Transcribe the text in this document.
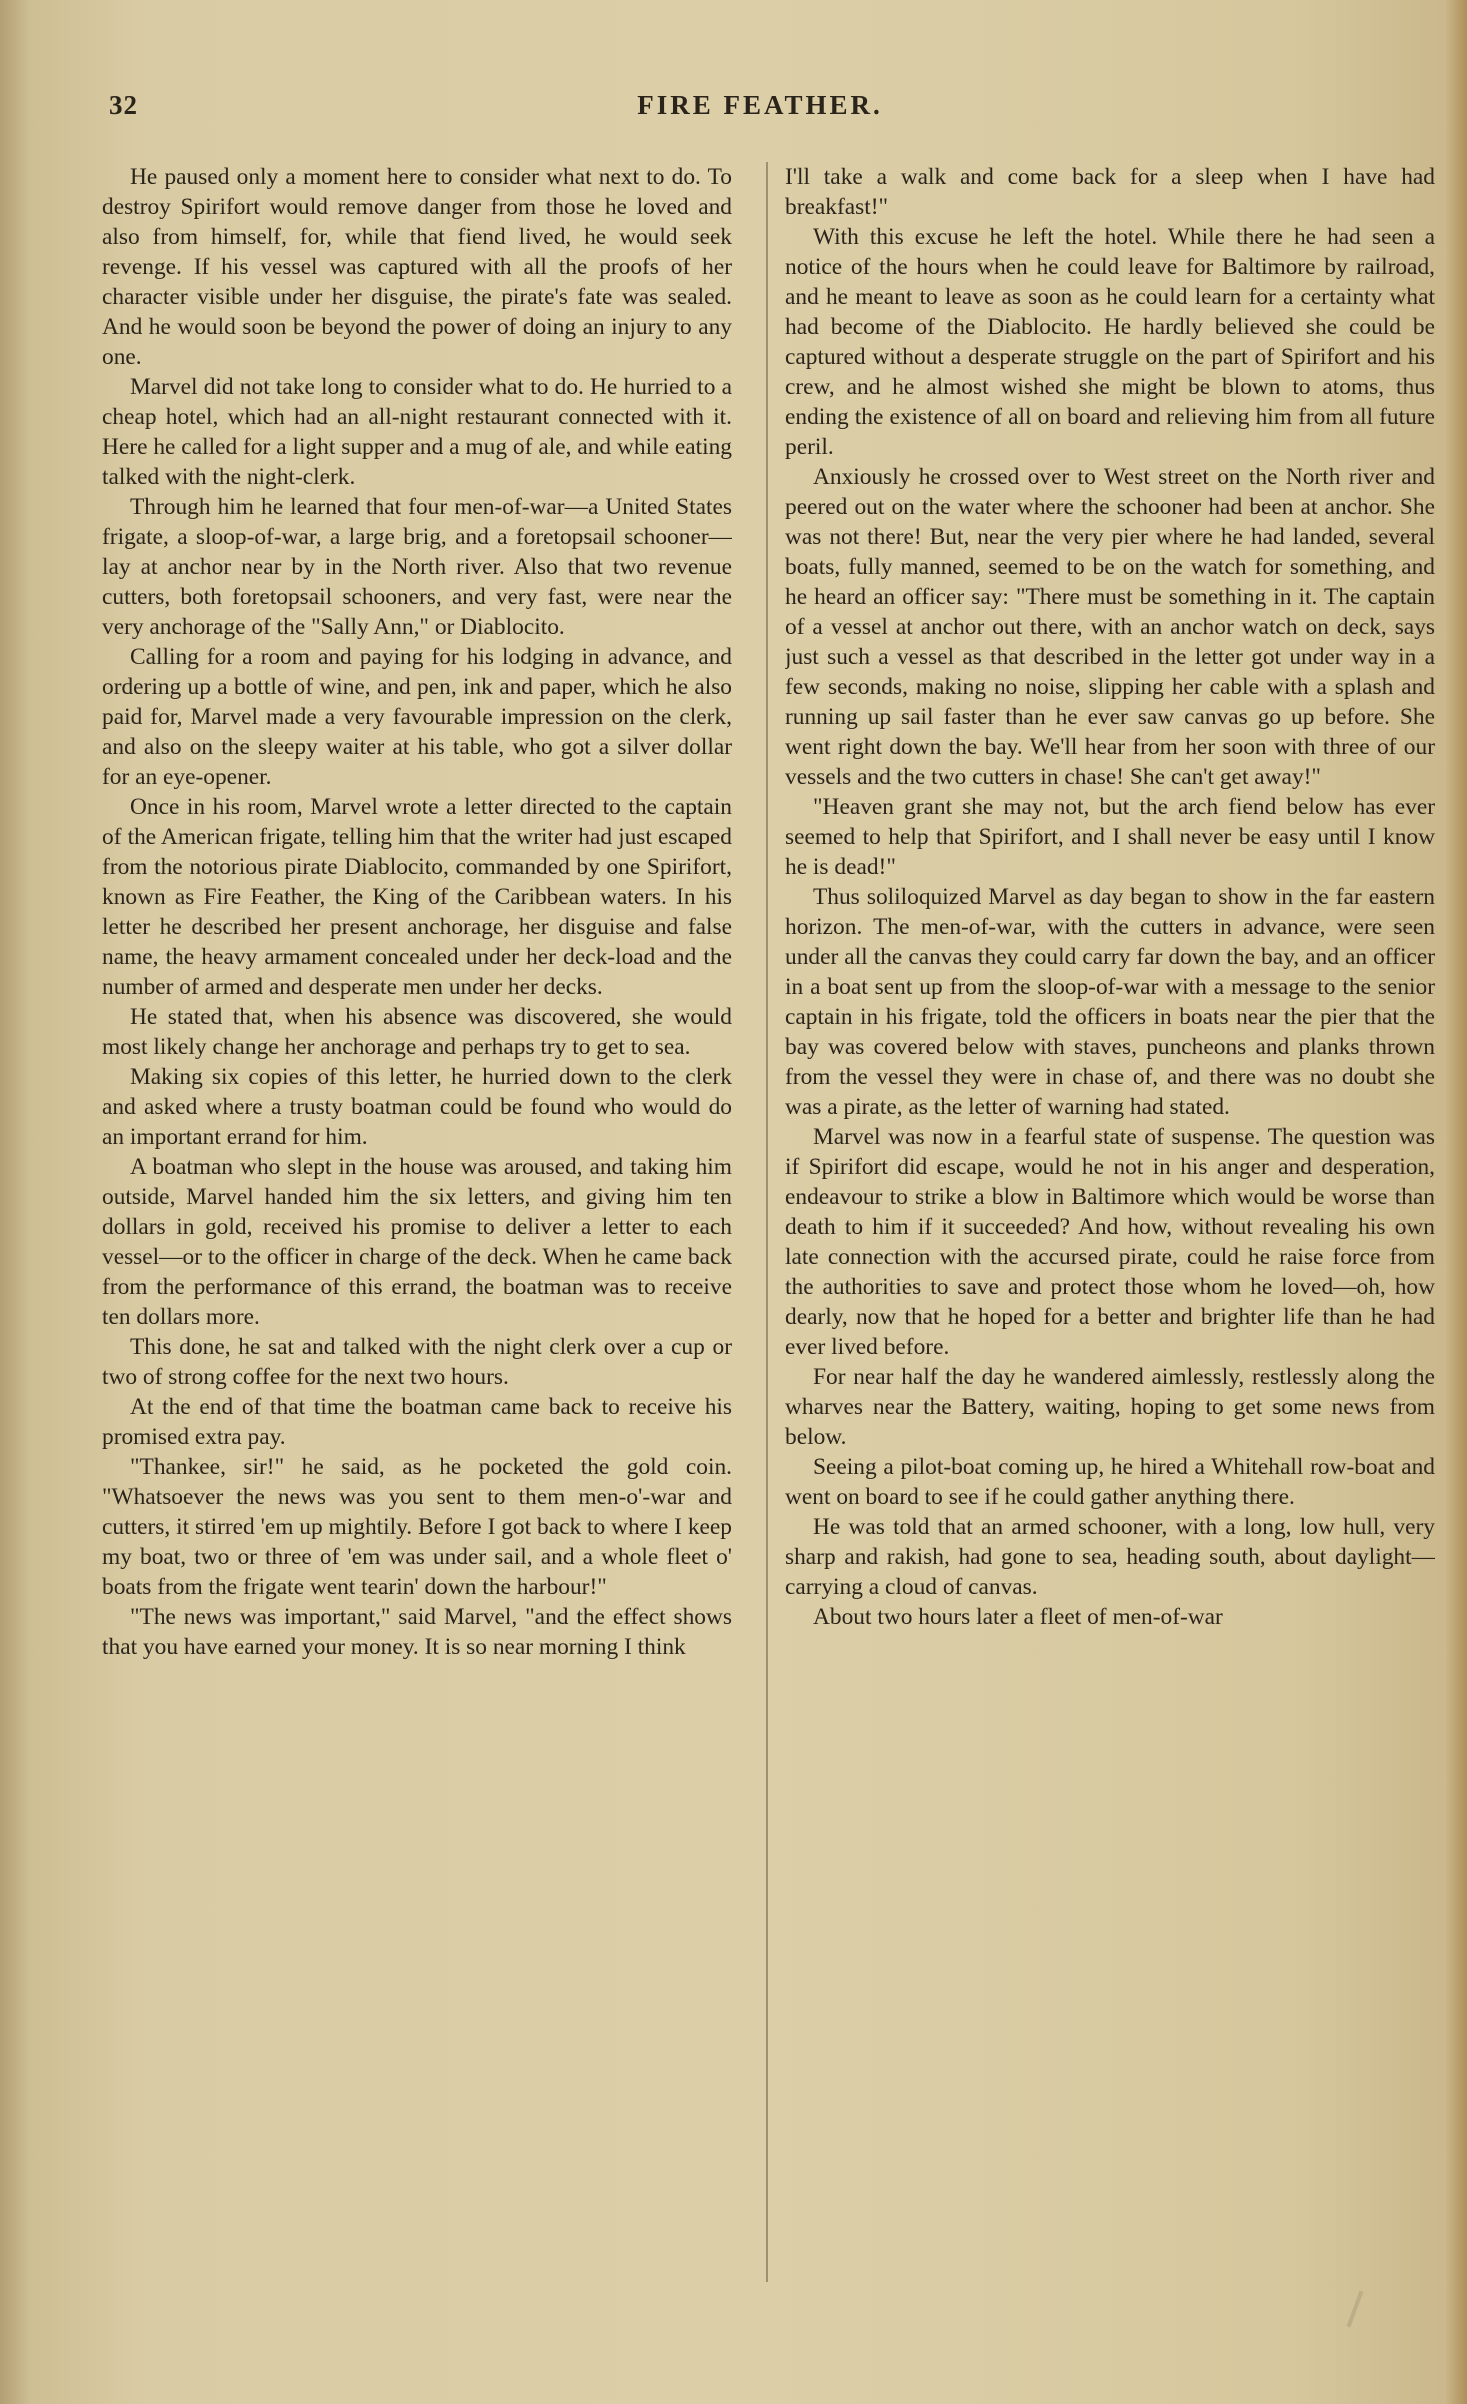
32	FIRE FEATHER.

He paused only a moment here to consider what next to do. To destroy Spirifort would remove danger from those he loved and also from himself, for, while that fiend lived, he would seek revenge. If his vessel was captured with all the proofs of her character visible under her disguise, the pirate's fate was sealed. And he would soon be beyond the power of doing an injury to any one.

Marvel did not take long to consider what to do. He hurried to a cheap hotel, which had an all-night restaurant connected with it. Here he called for a light supper and a mug of ale, and while eating talked with the night-clerk.

Through him he learned that four men-of-war—a United States frigate, a sloop-of-war, a large brig, and a foretopsail schooner—lay at anchor near by in the North river. Also that two revenue cutters, both foretopsail schooners, and very fast, were near the very anchorage of the "Sally Ann," or Diablocito.

Calling for a room and paying for his lodging in advance, and ordering up a bottle of wine, and pen, ink and paper, which he also paid for, Marvel made a very favourable impression on the clerk, and also on the sleepy waiter at his table, who got a silver dollar for an eye-opener.

Once in his room, Marvel wrote a letter directed to the captain of the American frigate, telling him that the writer had just escaped from the notorious pirate Diablocito, commanded by one Spirifort, known as Fire Feather, the King of the Caribbean waters. In his letter he described her present anchorage, her disguise and false name, the heavy armament concealed under her deck-load and the number of armed and desperate men under her decks.

He stated that, when his absence was discovered, she would most likely change her anchorage and perhaps try to get to sea.

Making six copies of this letter, he hurried down to the clerk and asked where a trusty boatman could be found who would do an important errand for him.

A boatman who slept in the house was aroused, and taking him outside, Marvel handed him the six letters, and giving him ten dollars in gold, received his promise to deliver a letter to each vessel—or to the officer in charge of the deck. When he came back from the performance of this errand, the boatman was to receive ten dollars more.

This done, he sat and talked with the night clerk over a cup or two of strong coffee for the next two hours.

At the end of that time the boatman came back to receive his promised extra pay.

"Thankee, sir!" he said, as he pocketed the gold coin. "Whatsoever the news was you sent to them men-o'-war and cutters, it stirred 'em up mightily. Before I got back to where I keep my boat, two or three of 'em was under sail, and a whole fleet o' boats from the frigate went tearin' down the harbour!"

"The news was important," said Marvel, "and the effect shows that you have earned your money. It is so near morning I think

I'll take a walk and come back for a sleep when I have had breakfast!"

With this excuse he left the hotel. While there he had seen a notice of the hours when he could leave for Baltimore by railroad, and he meant to leave as soon as he could learn for a certainty what had become of the Diablocito. He hardly believed she could be captured without a desperate struggle on the part of Spirifort and his crew, and he almost wished she might be blown to atoms, thus ending the existence of all on board and relieving him from all future peril.

Anxiously he crossed over to West street on the North river and peered out on the water where the schooner had been at anchor. She was not there! But, near the very pier where he had landed, several boats, fully manned, seemed to be on the watch for something, and he heard an officer say: "There must be something in it. The captain of a vessel at anchor out there, with an anchor watch on deck, says just such a vessel as that described in the letter got under way in a few seconds, making no noise, slipping her cable with a splash and running up sail faster than he ever saw canvas go up before. She went right down the bay. We'll hear from her soon with three of our vessels and the two cutters in chase! She can't get away!"

"Heaven grant she may not, but the arch fiend below has ever seemed to help that Spirifort, and I shall never be easy until I know he is dead!"

Thus soliloquized Marvel as day began to show in the far eastern horizon. The men-of-war, with the cutters in advance, were seen under all the canvas they could carry far down the bay, and an officer in a boat sent up from the sloop-of-war with a message to the senior captain in his frigate, told the officers in boats near the pier that the bay was covered below with staves, puncheons and planks thrown from the vessel they were in chase of, and there was no doubt she was a pirate, as the letter of warning had stated.

Marvel was now in a fearful state of suspense. The question was if Spirifort did escape, would he not in his anger and desperation, endeavour to strike a blow in Baltimore which would be worse than death to him if it succeeded? And how, without revealing his own late connection with the accursed pirate, could he raise force from the authorities to save and protect those whom he loved—oh, how dearly, now that he hoped for a better and brighter life than he had ever lived before.

For near half the day he wandered aimlessly, restlessly along the wharves near the Battery, waiting, hoping to get some news from below.

Seeing a pilot-boat coming up, he hired a Whitehall row-boat and went on board to see if he could gather anything there.

He was told that an armed schooner, with a long, low hull, very sharp and rakish, had gone to sea, heading south, about daylight—carrying a cloud of canvas.

About two hours later a fleet of men-of-war
